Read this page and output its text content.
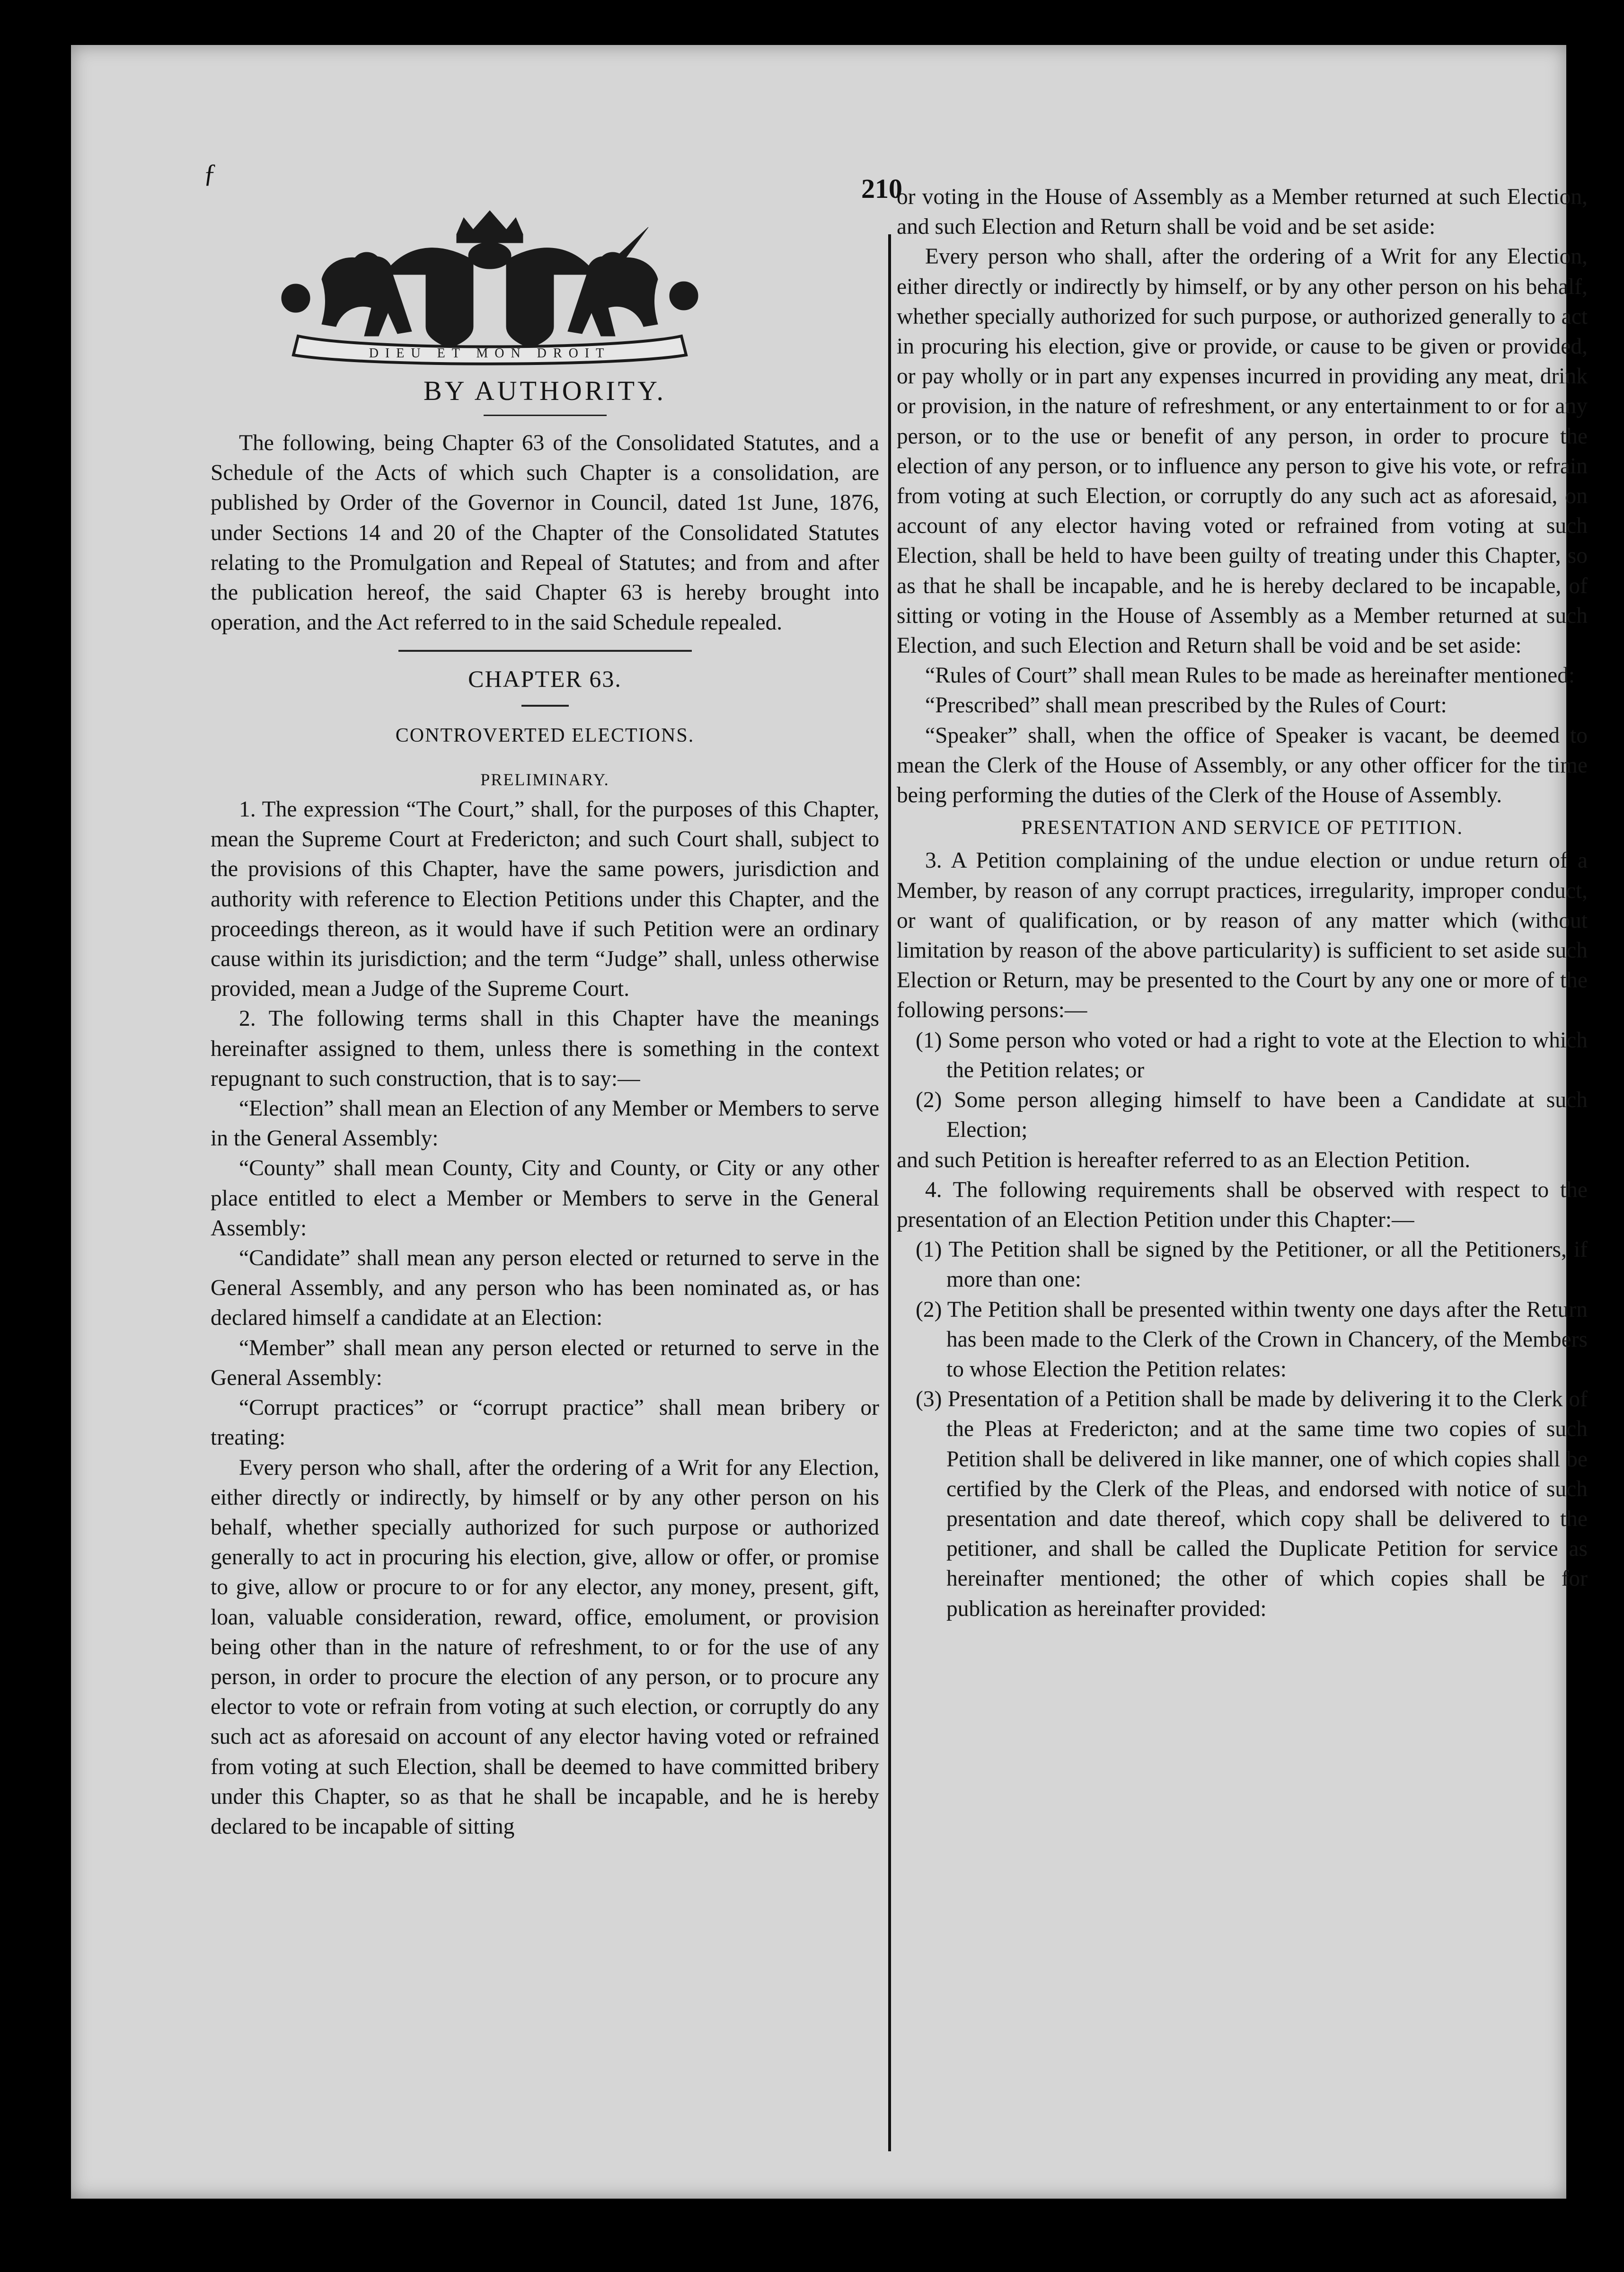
ƒ	210
DIEU ET MON DROIT

BY AUTHORITY.

The following, being Chapter 63 of the Consolidated Statutes, and a Schedule of the Acts of which such Chapter is a consolidation, are published by Order of the Governor in Council, dated 1st June, 1876, under Sections 14 and 20 of the Chapter of the Consolidated Statutes relating to the Promulgation and Repeal of Statutes; and from and after the publication hereof, the said Chapter 63 is hereby brought into operation, and the Act referred to in the said Schedule repealed.

CHAPTER 63.

CONTROVERTED ELECTIONS.

PRELIMINARY.

1. The expression “The Court,” shall, for the purposes of this Chapter, mean the Supreme Court at Fredericton; and such Court shall, subject to the provisions of this Chapter, have the same powers, jurisdiction and authority with reference to Election Petitions under this Chapter, and the proceedings thereon, as it would have if such Petition were an ordinary cause within its jurisdiction; and the term “Judge” shall, unless otherwise provided, mean a Judge of the Supreme Court.

2. The following terms shall in this Chapter have the meanings hereinafter assigned to them, unless there is something in the context repugnant to such construction, that is to say:—

“Election” shall mean an Election of any Member or Members to serve in the General Assembly:

“County” shall mean County, City and County, or City or any other place entitled to elect a Member or Members to serve in the General Assembly:

“Candidate” shall mean any person elected or returned to serve in the General Assembly, and any person who has been nominated as, or has declared himself a candidate at an Election:

“Member” shall mean any person elected or returned to serve in the General Assembly:

“Corrupt practices” or “corrupt practice” shall mean bribery or treating:

Every person who shall, after the ordering of a Writ for any Election, either directly or indirectly, by himself or by any other person on his behalf, whether specially authorized for such purpose or authorized generally to act in procuring his election, give, allow or offer, or promise to give, allow or procure to or for any elector, any money, present, gift, loan, valuable consideration, reward, office, emolument, or provision being other than in the nature of refreshment, to or for the use of any person, in order to procure the election of any person, or to procure any elector to vote or refrain from voting at such election, or corruptly do any such act as aforesaid on account of any elector having voted or refrained from voting at such Election, shall be deemed to have committed bribery under this Chapter, so as that he shall be incapable, and he is hereby declared to be incapable of sitting

or voting in the House of Assembly as a Member returned at such Election, and such Election and Return shall be void and be set aside:

Every person who shall, after the ordering of a Writ for any Election, either directly or indirectly by himself, or by any other person on his behalf, whether specially authorized for such purpose, or authorized generally to act in procuring his election, give or provide, or cause to be given or provided, or pay wholly or in part any expenses incurred in providing any meat, drink or provision, in the nature of refreshment, or any entertainment to or for any person, or to the use or benefit of any person, in order to procure the election of any person, or to influence any person to give his vote, or refrain from voting at such Election, or corruptly do any such act as aforesaid, on account of any elector having voted or refrained from voting at such Election, shall be held to have been guilty of treating under this Chapter, so as that he shall be incapable, and he is hereby declared to be incapable, of sitting or voting in the House of Assembly as a Member returned at such Election, and such Election and Return shall be void and be set aside:

“Rules of Court” shall mean Rules to be made as hereinafter mentioned:

“Prescribed” shall mean prescribed by the Rules of Court:

“Speaker” shall, when the office of Speaker is vacant, be deemed to mean the Clerk of the House of Assembly, or any other officer for the time being performing the duties of the Clerk of the House of Assembly.

PRESENTATION AND SERVICE OF PETITION.

3. A Petition complaining of the undue election or undue return of a Member, by reason of any corrupt practices, irregularity, improper conduct, or want of qualification, or by reason of any matter which (without limitation by reason of the above particularity) is sufficient to set aside such Election or Return, may be presented to the Court by any one or more of the following persons:—

(1) Some person who voted or had a right to vote at the Election to which the Petition relates; or

(2) Some person alleging himself to have been a Candidate at such Election;

and such Petition is hereafter referred to as an Election Petition.

4. The following requirements shall be observed with respect to the presentation of an Election Petition under this Chapter:—

(1) The Petition shall be signed by the Petitioner, or all the Petitioners, if more than one:

(2) The Petition shall be presented within twenty one days after the Return has been made to the Clerk of the Crown in Chancery, of the Members to whose Election the Petition relates:

(3) Presentation of a Petition shall be made by delivering it to the Clerk of the Pleas at Fredericton; and at the same time two copies of such Petition shall be delivered in like manner, one of which copies shall be certified by the Clerk of the Pleas, and endorsed with notice of such presentation and date thereof, which copy shall be delivered to the petitioner, and shall be called the Duplicate Petition for service as hereinafter mentioned; the other of which copies shall be for publication as hereinafter provided:
